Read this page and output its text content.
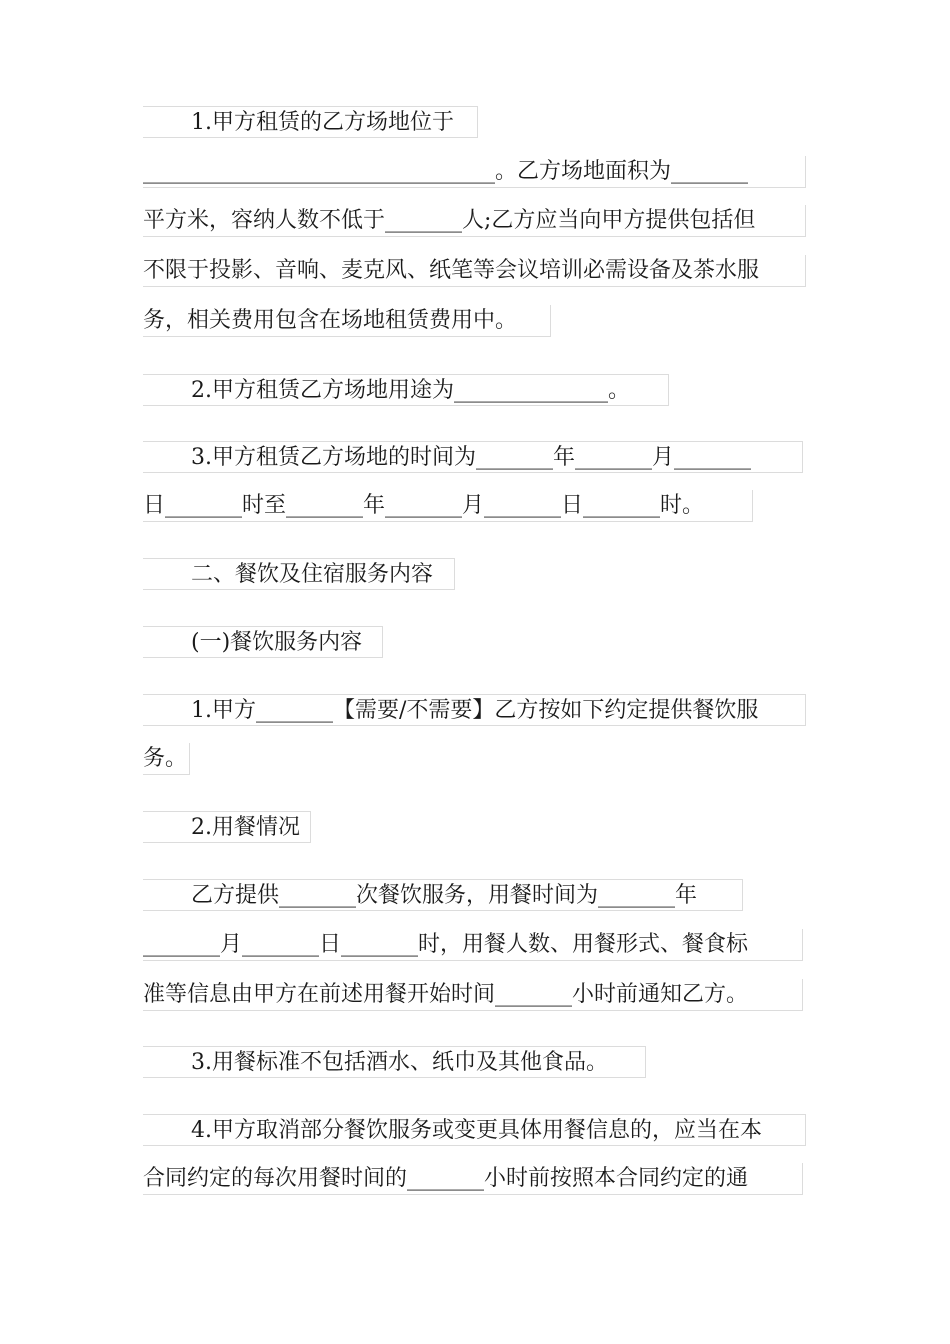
1.甲方租赁的乙方场地位于
________________________________。乙方场地面积为_______
平方米，容纳人数不低于_______人;乙方应当向甲方提供包括但
不限于投影、音响、麦克风、纸笔等会议培训必需设备及茶水服
务，相关费用包含在场地租赁费用中。
2.甲方租赁乙方场地用途为______________。
3.甲方租赁乙方场地的时间为_______年_______月_______
日_______时至_______年_______月_______日_______时。
二、餐饮及住宿服务内容
(一)餐饮服务内容
1.甲方_______【需要/不需要】乙方按如下约定提供餐饮服
务。
2.用餐情况
乙方提供_______次餐饮服务，用餐时间为_______年
_______月_______日_______时，用餐人数、用餐形式、餐食标
准等信息由甲方在前述用餐开始时间_______小时前通知乙方。
3.用餐标准不包括酒水、纸巾及其他食品。
4.甲方取消部分餐饮服务或变更具体用餐信息的，应当在本
合同约定的每次用餐时间的_______小时前按照本合同约定的通
